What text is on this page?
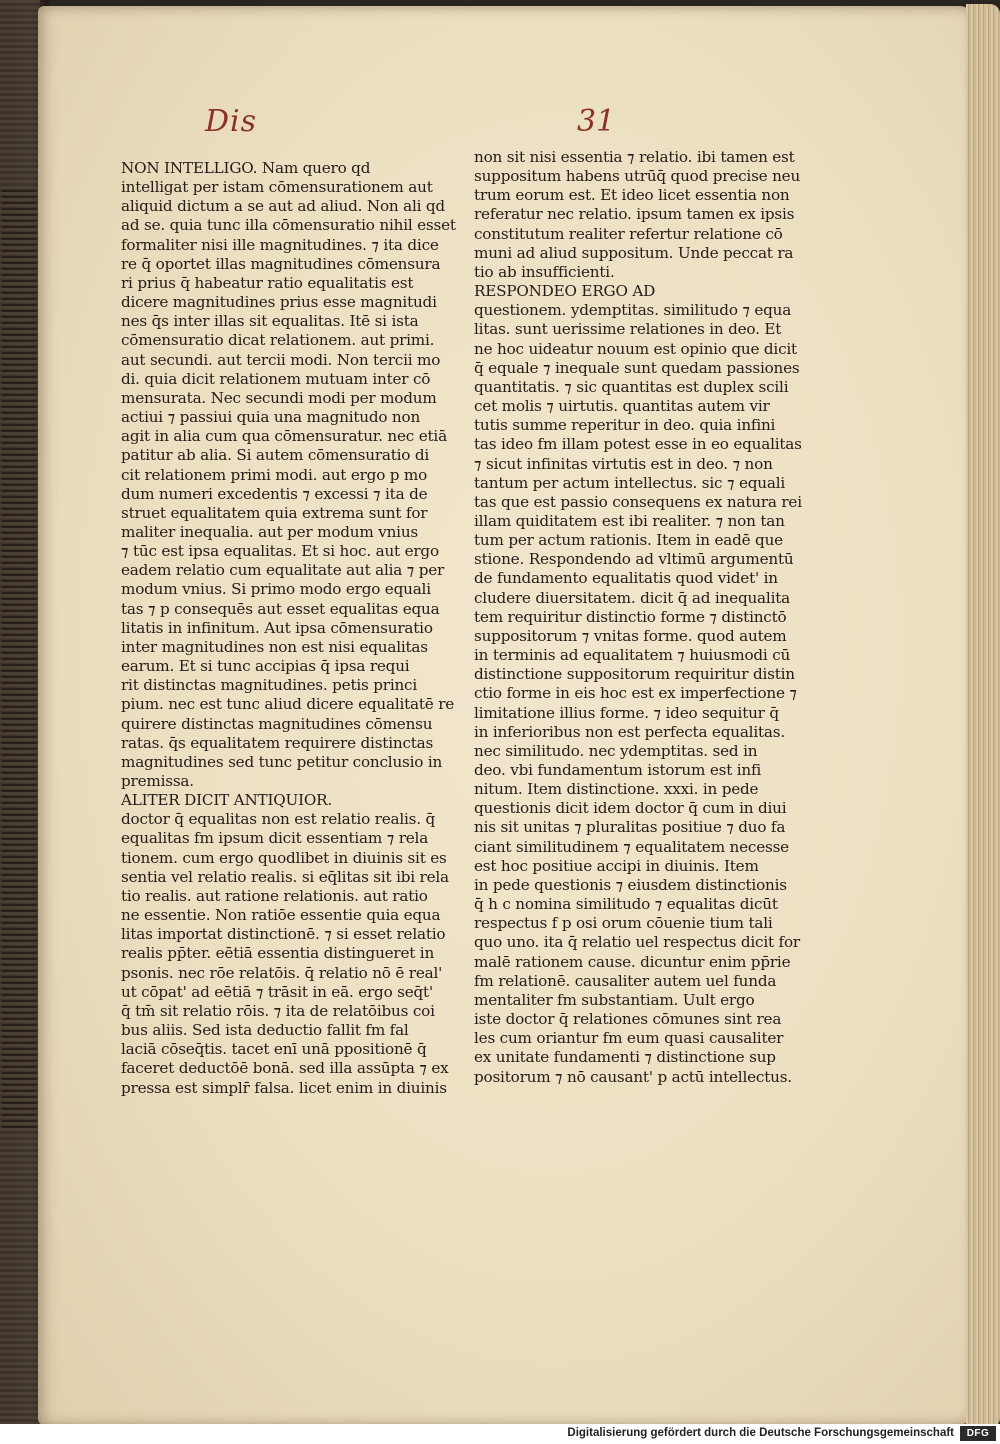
Dis	31
NON INTELLIGO. Nam quero qd
intelligat per istam cōmensurationem aut
aliquid dictum a se aut ad aliud. Non ali qd
ad se. quia tunc illa cōmensuratio nihil esset
formaliter nisi ille magnitudines. ⁊ ita dice
re q̄ oportet illas magnitudines cōmensura
ri prius q̄ habeatur ratio equalitatis est
dicere magnitudines prius esse magnitudi
nes q̄s inter illas sit equalitas. Itē si ista
cōmensuratio dicat relationem. aut primi.
aut secundi. aut tercii modi. Non tercii mo
di. quia dicit relationem mutuam inter cō
mensurata. Nec secundi modi per modum
actiui ⁊ passiui quia una magnitudo non
agit in alia cum qua cōmensuratur. nec etiā
patitur ab alia. Si autem cōmensuratio di
cit relationem primi modi. aut ergo p mo
dum numeri excedentis ⁊ excessi ⁊ ita de
struet equalitatem quia extrema sunt for
maliter inequalia. aut per modum vnius
⁊ tūc est ipsa equalitas. Et si hoc. aut ergo
eadem relatio cum equalitate aut alia ⁊ per
modum vnius. Si primo modo ergo equali
tas ⁊ p consequēs aut esset equalitas equa
litatis in infinitum. Aut ipsa cōmensuratio
inter magnitudines non est nisi equalitas
earum. Et si tunc accipias q̄ ipsa requi
rit distinctas magnitudines. petis princi
pium. nec est tunc aliud dicere equalitatē re
quirere distinctas magnitudines cōmensu
ratas. q̄s equalitatem requirere distinctas
magnitudines sed tunc petitur conclusio in
premissa.
ALITER DICIT ANTIQUIOR.
doctor q̄ equalitas non est relatio realis. q̄
equalitas fm ipsum dicit essentiam ⁊ rela
tionem. cum ergo quodlibet in diuinis sit es
sentia vel relatio realis. si eq̄litas sit ibi rela
tio realis. aut ratione relationis. aut ratio
ne essentie. Non ratiōe essentie quia equa
litas importat distinctionē. ⁊ si esset relatio
realis pp̄ter. eētiā essentia distingueret in
psonis. nec rōe relatōis. q̄ relatio nō ē real'
ut cōpat' ad eētiā ⁊ trāsit in eā. ergo seq̄t'
q̄ tm̄ sit relatio rōis. ⁊ ita de relatōibus coi
bus aliis. Sed ista deductio fallit fm fal
laciā cōseq̄tis. tacet enī unā ppositionē q̄
faceret deductōē bonā. sed illa assūpta ⁊ ex
pressa est simplr̄ falsa. licet enim in diuinis
non sit nisi essentia ⁊ relatio. ibi tamen est
suppositum habens utrūq̄ quod precise neu
trum eorum est. Et ideo licet essentia non
referatur nec relatio. ipsum tamen ex ipsis
constitutum realiter refertur relatione cō
muni ad aliud suppositum. Unde peccat ra
tio ab insufficienti.
RESPONDEO ERGO AD
questionem. ydemptitas. similitudo ⁊ equa
litas. sunt uerissime relationes in deo. Et
ne hoc uideatur nouum est opinio que dicit
q̄ equale ⁊ inequale sunt quedam passiones
quantitatis. ⁊ sic quantitas est duplex scili
cet molis ⁊ uirtutis. quantitas autem vir
tutis summe reperitur in deo. quia infini
tas ideo fm illam potest esse in eo equalitas
⁊ sicut infinitas virtutis est in deo. ⁊ non
tantum per actum intellectus. sic ⁊ equali
tas que est passio consequens ex natura rei
illam quiditatem est ibi realiter. ⁊ non tan
tum per actum rationis. Item in eadē que
stione. Respondendo ad vltimū argumentū
de fundamento equalitatis quod videt' in
cludere diuersitatem. dicit q̄ ad inequalita
tem requiritur distinctio forme ⁊ distinctō
suppositorum ⁊ vnitas forme. quod autem
in terminis ad equalitatem ⁊ huiusmodi cū
distinctione suppositorum requiritur distin
ctio forme in eis hoc est ex imperfectione ⁊
limitatione illius forme. ⁊ ideo sequitur q̄
in inferioribus non est perfecta equalitas.
nec similitudo. nec ydemptitas. sed in
deo. vbi fundamentum istorum est infi
nitum. Item distinctione. xxxi. in pede
questionis dicit idem doctor q̄ cum in diui
nis sit unitas ⁊ pluralitas positiue ⁊ duo fa
ciant similitudinem ⁊ equalitatem necesse
est hoc positiue accipi in diuinis. Item
in pede questionis ⁊ eiusdem distinctionis
q̄ h c nomina similitudo ⁊ equalitas dicūt
respectus f p osi orum cōuenie tium tali
quo uno. ita q̄ relatio uel respectus dicit for
malē rationem cause. dicuntur enim pp̄rie
fm relationē. causaliter autem uel funda
mentaliter fm substantiam. Uult ergo
iste doctor q̄ relationes cōmunes sint rea
les cum oriantur fm eum quasi causaliter
ex unitate fundamenti ⁊ distinctione sup
positorum ⁊ nō causant' p actū intellectus.
Digitalisierung gefördert durch die Deutsche Forschungsgemeinschaft	DFG
